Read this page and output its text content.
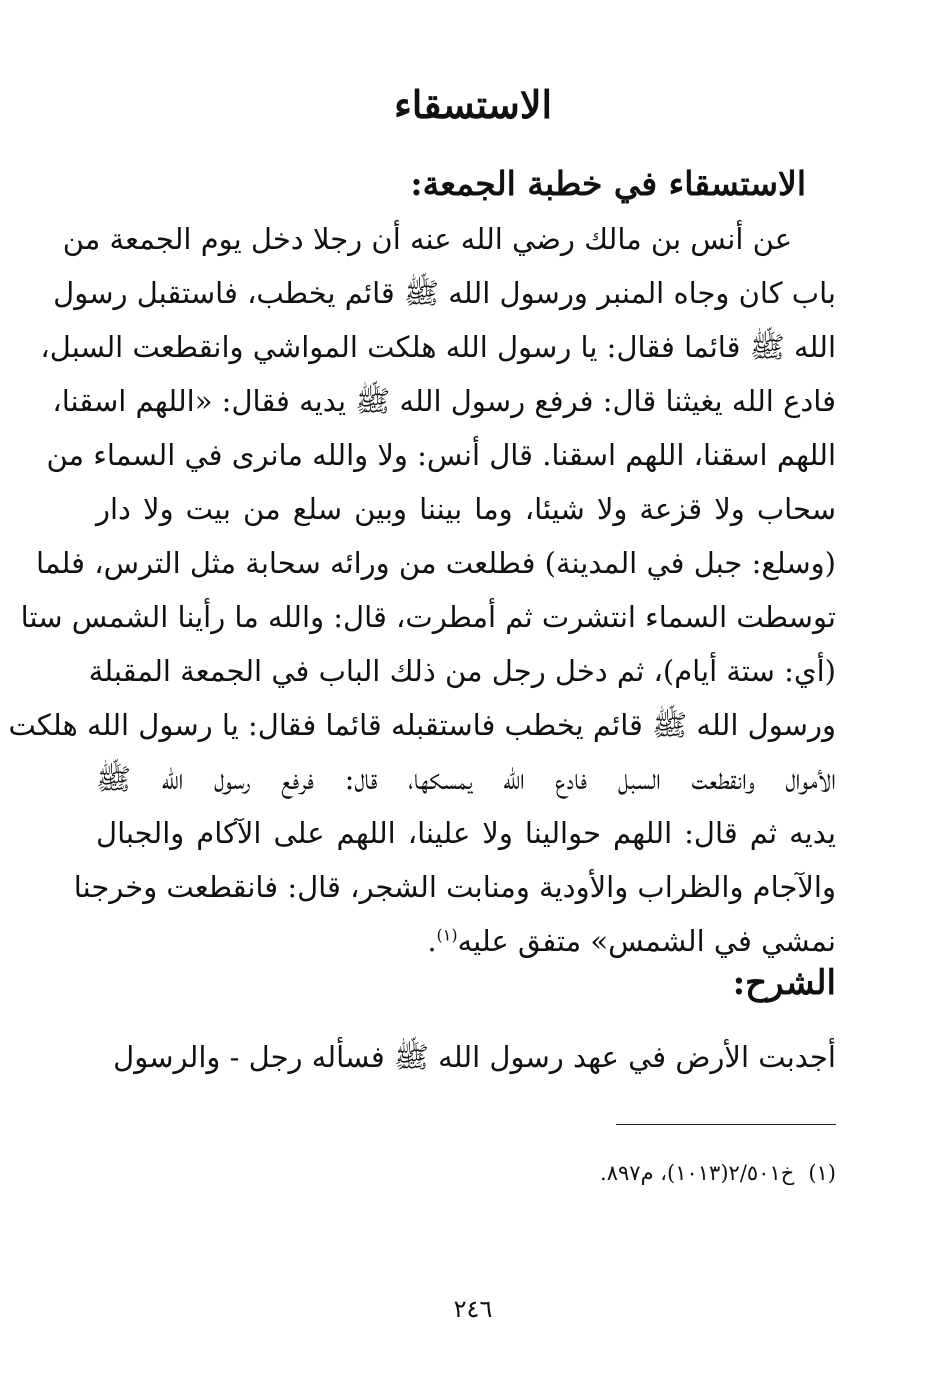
الاستسقاء
الاستسقاء في خطبة الجمعة:
عن أنس بن مالك رضي الله عنه أن رجلا دخل يوم الجمعة من
باب كان وجاه المنبر ورسول الله ﷺ قائم يخطب، فاستقبل رسول
الله ﷺ قائما فقال: يا رسول الله هلكت المواشي وانقطعت السبل،
فادع الله يغيثنا قال: فرفع رسول الله ﷺ يديه فقال: «اللهم اسقنا،
اللهم اسقنا، اللهم اسقنا. قال أنس: ولا والله مانرى في السماء من
سحاب ولا قزعة ولا شيئا، وما بيننا وبين سلع من بيت ولا دار
(وسلع: جبل في المدينة) فطلعت من ورائه سحابة مثل الترس، فلما
توسطت السماء انتشرت ثم أمطرت، قال: والله ما رأينا الشمس ستا
(أي: ستة أيام)، ثم دخل رجل من ذلك الباب في الجمعة المقبلة
ورسول الله ﷺ قائم يخطب فاستقبله قائما فقال: يا رسول الله هلكت
الأموال وانقطعت السبل فادع الله يمسكها، قال: فرفع رسول الله ﷺ
يديه ثم قال: اللهم حوالينا ولا علينا، اللهم على الآكام والجبال
والآجام والظراب والأودية ومنابت الشجر، قال: فانقطعت وخرجنا
نمشي في الشمس» متفق عليه$^{(١)}$.
الشرح:

أجدبت الأرض في عهد رسول الله ﷺ فسأله رجل - والرسول

(١)خ٢/٥٠١(١٠١٣)، م٨٩٧.

٢٤٦
